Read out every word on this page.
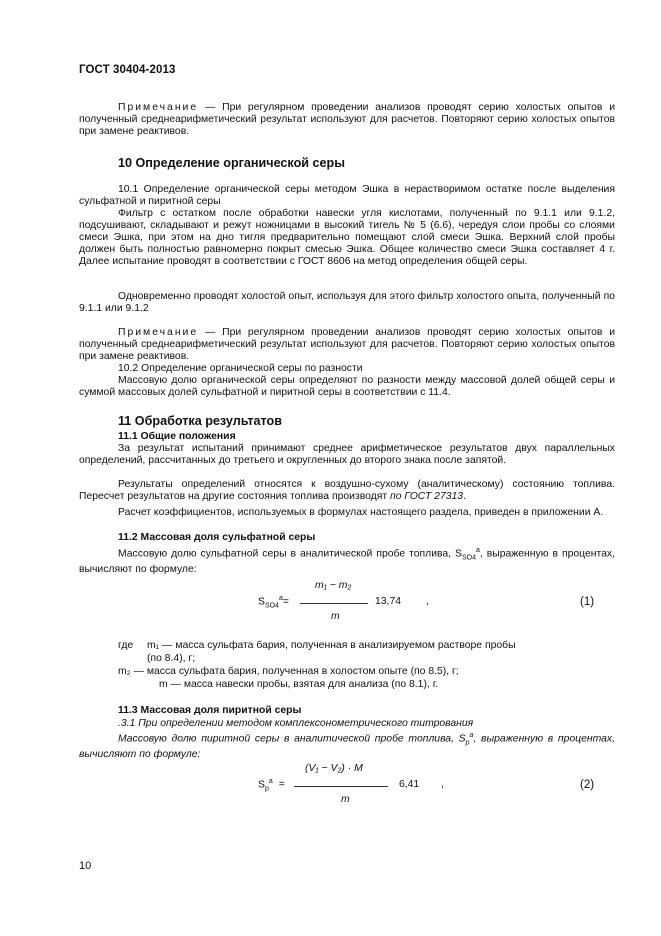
ГОСТ 30404-2013
Примечание — При регулярном проведении анализов проводят серию холостых опытов и полученный среднеарифметический результат используют для расчетов. Повторяют серию холостых опытов при замене реактивов.
10 Определение органической серы
10.1 Определение органической серы методом Эшка в нерастворимом остатке после выделения сульфатной и пиритной серы
Фильтр с остатком после обработки навески угля кислотами, полученный по 9.1.1 или 9.1.2, подсушивают, складывают и режут ножницами в высокий тигель № 5 (6.6), чередуя слои пробы со слоями смеси Эшка, при этом на дно тигля предварительно помещают слой смеси Эшка. Верхний слой пробы должен быть полностью равномерно покрыт смесью Эшка. Общее количество смеси Эшка составляет 4 г. Далее испытание проводят в соответствии с ГОСТ 8606 на метод определения общей серы.
Одновременно проводят холостой опыт, используя для этого фильтр холостого опыта, полученный по 9.1.1 или 9.1.2
Примечание — При регулярном проведении анализов проводят серию холостых опытов и полученный среднеарифметический результат используют для расчетов. Повторяют серию холостых опытов при замене реактивов.
10.2 Определение органической серы по разности
Массовую долю органической серы определяют по разности между массовой долей общей серы и суммой массовых долей сульфатной и пиритной серы в соответствии с 11.4.
11 Обработка результатов
11.1 Общие положения
За результат испытаний принимают среднее арифметическое результатов двух параллельных определений, рассчитанных до третьего и округленных до второго знака после запятой.
Результаты определений относятся к воздушно-сухому (аналитическому) состоянию топлива. Пересчет результатов на другие состояния топлива производят по ГОСТ 27313.
Расчет коэффициентов, используемых в формулах настоящего раздела, приведен в приложении А.
11.2 Массовая доля сульфатной серы
Массовую долю сульфатной серы в аналитической пробе топлива, $S_{SO4}^a$, выраженную в процентах, вычисляют по формуле:
$S_{SO4}^a=$
m₁ − m₂
m
13,74 ,	(1)
где m₁ — масса сульфата бария, полученная в анализируемом растворе пробы
(по 8.4), г;
m₂ — масса сульфата бария, полученная в холостом опыте (по 8.5), г;
m — масса навески пробы, взятая для анализа (по 8.1), г.
11.3 Массовая доля пиритной серы
.3.1 При определении методом комплексонометрического титрования
Массовую долю пиритной серы в аналитической пробе топлива, $S_p^a$, выраженную в процентах, вычисляют по формуле:
$S_p^a$ =
(V₁ − V₂) · M
m
6,41 ,	(2)
10
